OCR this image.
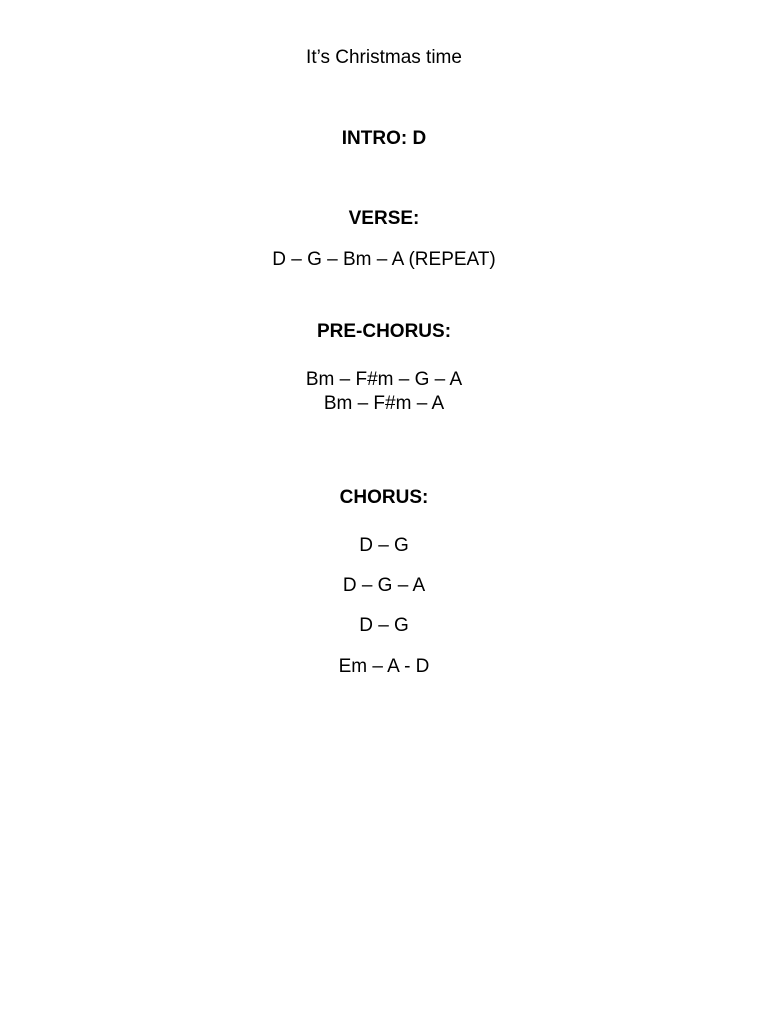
It’s Christmas time
INTRO: D
VERSE:
D – G – Bm – A (REPEAT)
PRE-CHORUS:
Bm – F#m – G – A
Bm – F#m – A
CHORUS:
D – G
D – G – A
D – G
Em – A - D
